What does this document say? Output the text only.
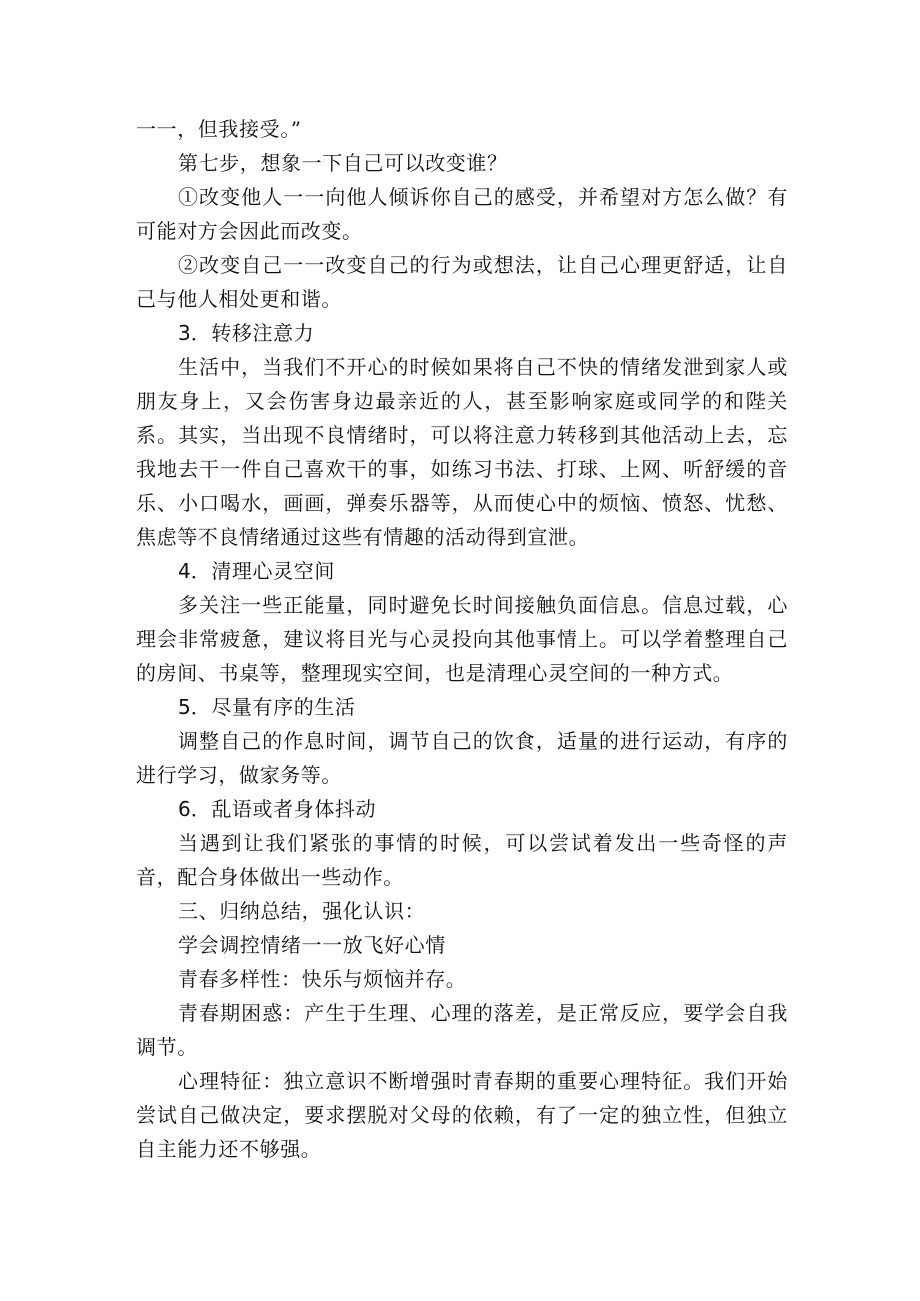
一一，但我接受。”

第七步，想象一下自己可以改变谁？

①改变他人一一向他人倾诉你自己的感受，并希望对方怎么做？有可能对方会因此而改变。

②改变自己一一改变自己的行为或想法，让自己心理更舒适，让自己与他人相处更和谐。

3．转移注意力

生活中，当我们不开心的时候如果将自己不快的情绪发泄到家人或朋友身上，又会伤害身边最亲近的人，甚至影响家庭或同学的和陛关系。其实，当出现不良情绪时，可以将注意力转移到其他活动上去，忘我地去干一件自己喜欢干的事，如练习书法、打球、上网、听舒缓的音乐、小口喝水，画画，弹奏乐器等，从而使心中的烦恼、愤怒、忧愁、焦虑等不良情绪通过这些有情趣的活动得到宣泄。

4．清理心灵空间

多关注一些正能量，同时避免长时间接触负面信息。信息过载，心理会非常疲惫，建议将目光与心灵投向其他事情上。可以学着整理自己的房间、书桌等，整理现实空间，也是清理心灵空间的一种方式。

5．尽量有序的生活

调整自己的作息时间，调节自己的饮食，适量的进行运动，有序的进行学习，做家务等。

6．乱语或者身体抖动

当遇到让我们紧张的事情的时候，可以尝试着发出一些奇怪的声音，配合身体做出一些动作。

三、归纳总结，强化认识：

学会调控情绪一一放飞好心情

青春多样性：快乐与烦恼并存。

青春期困惑：产生于生理、心理的落差，是正常反应，要学会自我调节。

心理特征：独立意识不断增强时青春期的重要心理特征。我们开始尝试自己做决定，要求摆脱对父母的依赖，有了一定的独立性，但独立自主能力还不够强。
